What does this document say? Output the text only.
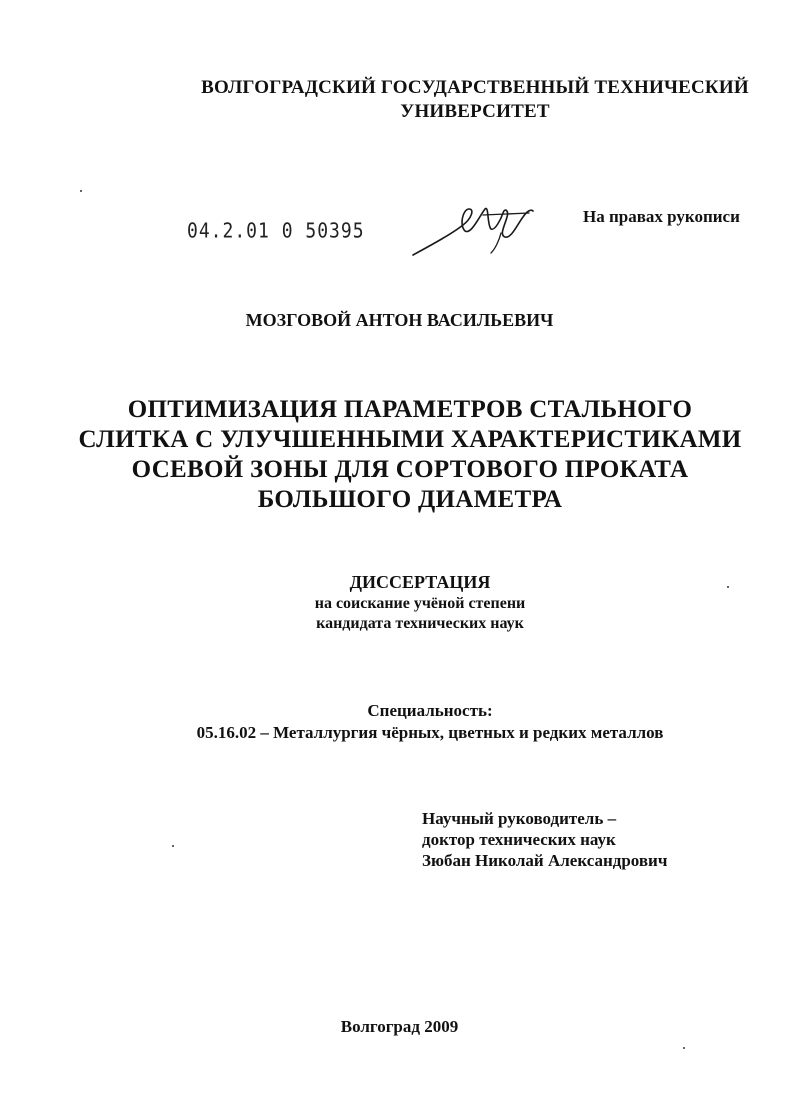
ВОЛГОГРАДСКИЙ ГОСУДАРСТВЕННЫЙ ТЕХНИЧЕСКИЙ
УНИВЕРСИТЕТ
04.2.01 0 50395
На правах рукописи
МОЗГОВОЙ АНТОН ВАСИЛЬЕВИЧ
ОПТИМИЗАЦИЯ ПАРАМЕТРОВ СТАЛЬНОГО
СЛИТКА С УЛУЧШЕННЫМИ ХАРАКТЕРИСТИКАМИ
ОСЕВОЙ ЗОНЫ ДЛЯ СОРТОВОГО ПРОКАТА
БОЛЬШОГО ДИАМЕТРА
ДИССЕРТАЦИЯ
на соискание учёной степени
кандидата технических наук
Специальность:
05.16.02 – Металлургия чёрных, цветных и редких металлов
Научный руководитель –
доктор технических наук
Зюбан Николай Александрович
Волгоград 2009
